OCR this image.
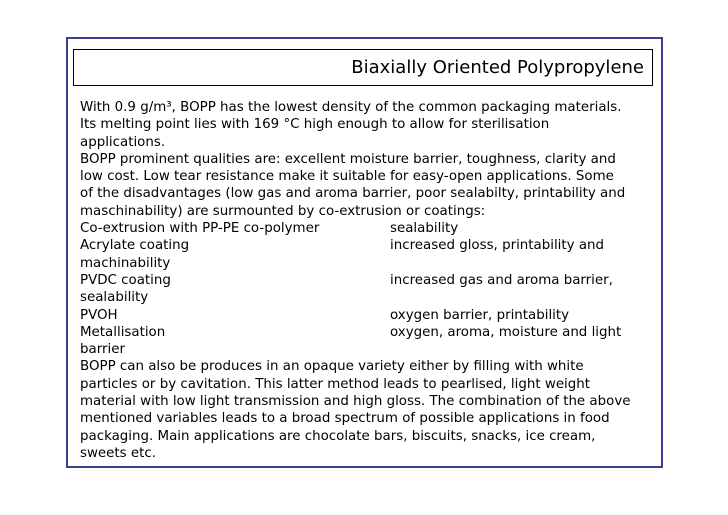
Biaxially Oriented Polypropylene
With 0.9 g/m³, BOPP has the lowest density of the common packaging materials.
Its melting point lies with 169 °C high enough to allow for sterilisation
applications.
BOPP prominent qualities are: excellent moisture barrier, toughness, clarity and
low cost. Low tear resistance make it suitable for easy-open applications. Some
of the disadvantages (low gas and aroma barrier, poor sealabilty, printability and
maschinability) are surmounted by co-extrusion or coatings:
Co-extrusion with PP-PE co-polymer	sealability
Acrylate coating	increased gloss, printability and
machinability
PVDC coating	increased gas and aroma barrier,
sealability
PVOH	oxygen barrier, printability
Metallisation	oxygen, aroma, moisture and light
barrier
BOPP can also be produces in an opaque variety either by filling with white
particles or by cavitation. This latter method leads to pearlised, light weight
material with low light transmission and high gloss. The combination of the above
mentioned variables leads to a broad spectrum of possible applications in food
packaging. Main applications are chocolate bars, biscuits, snacks, ice cream,
sweets etc.
